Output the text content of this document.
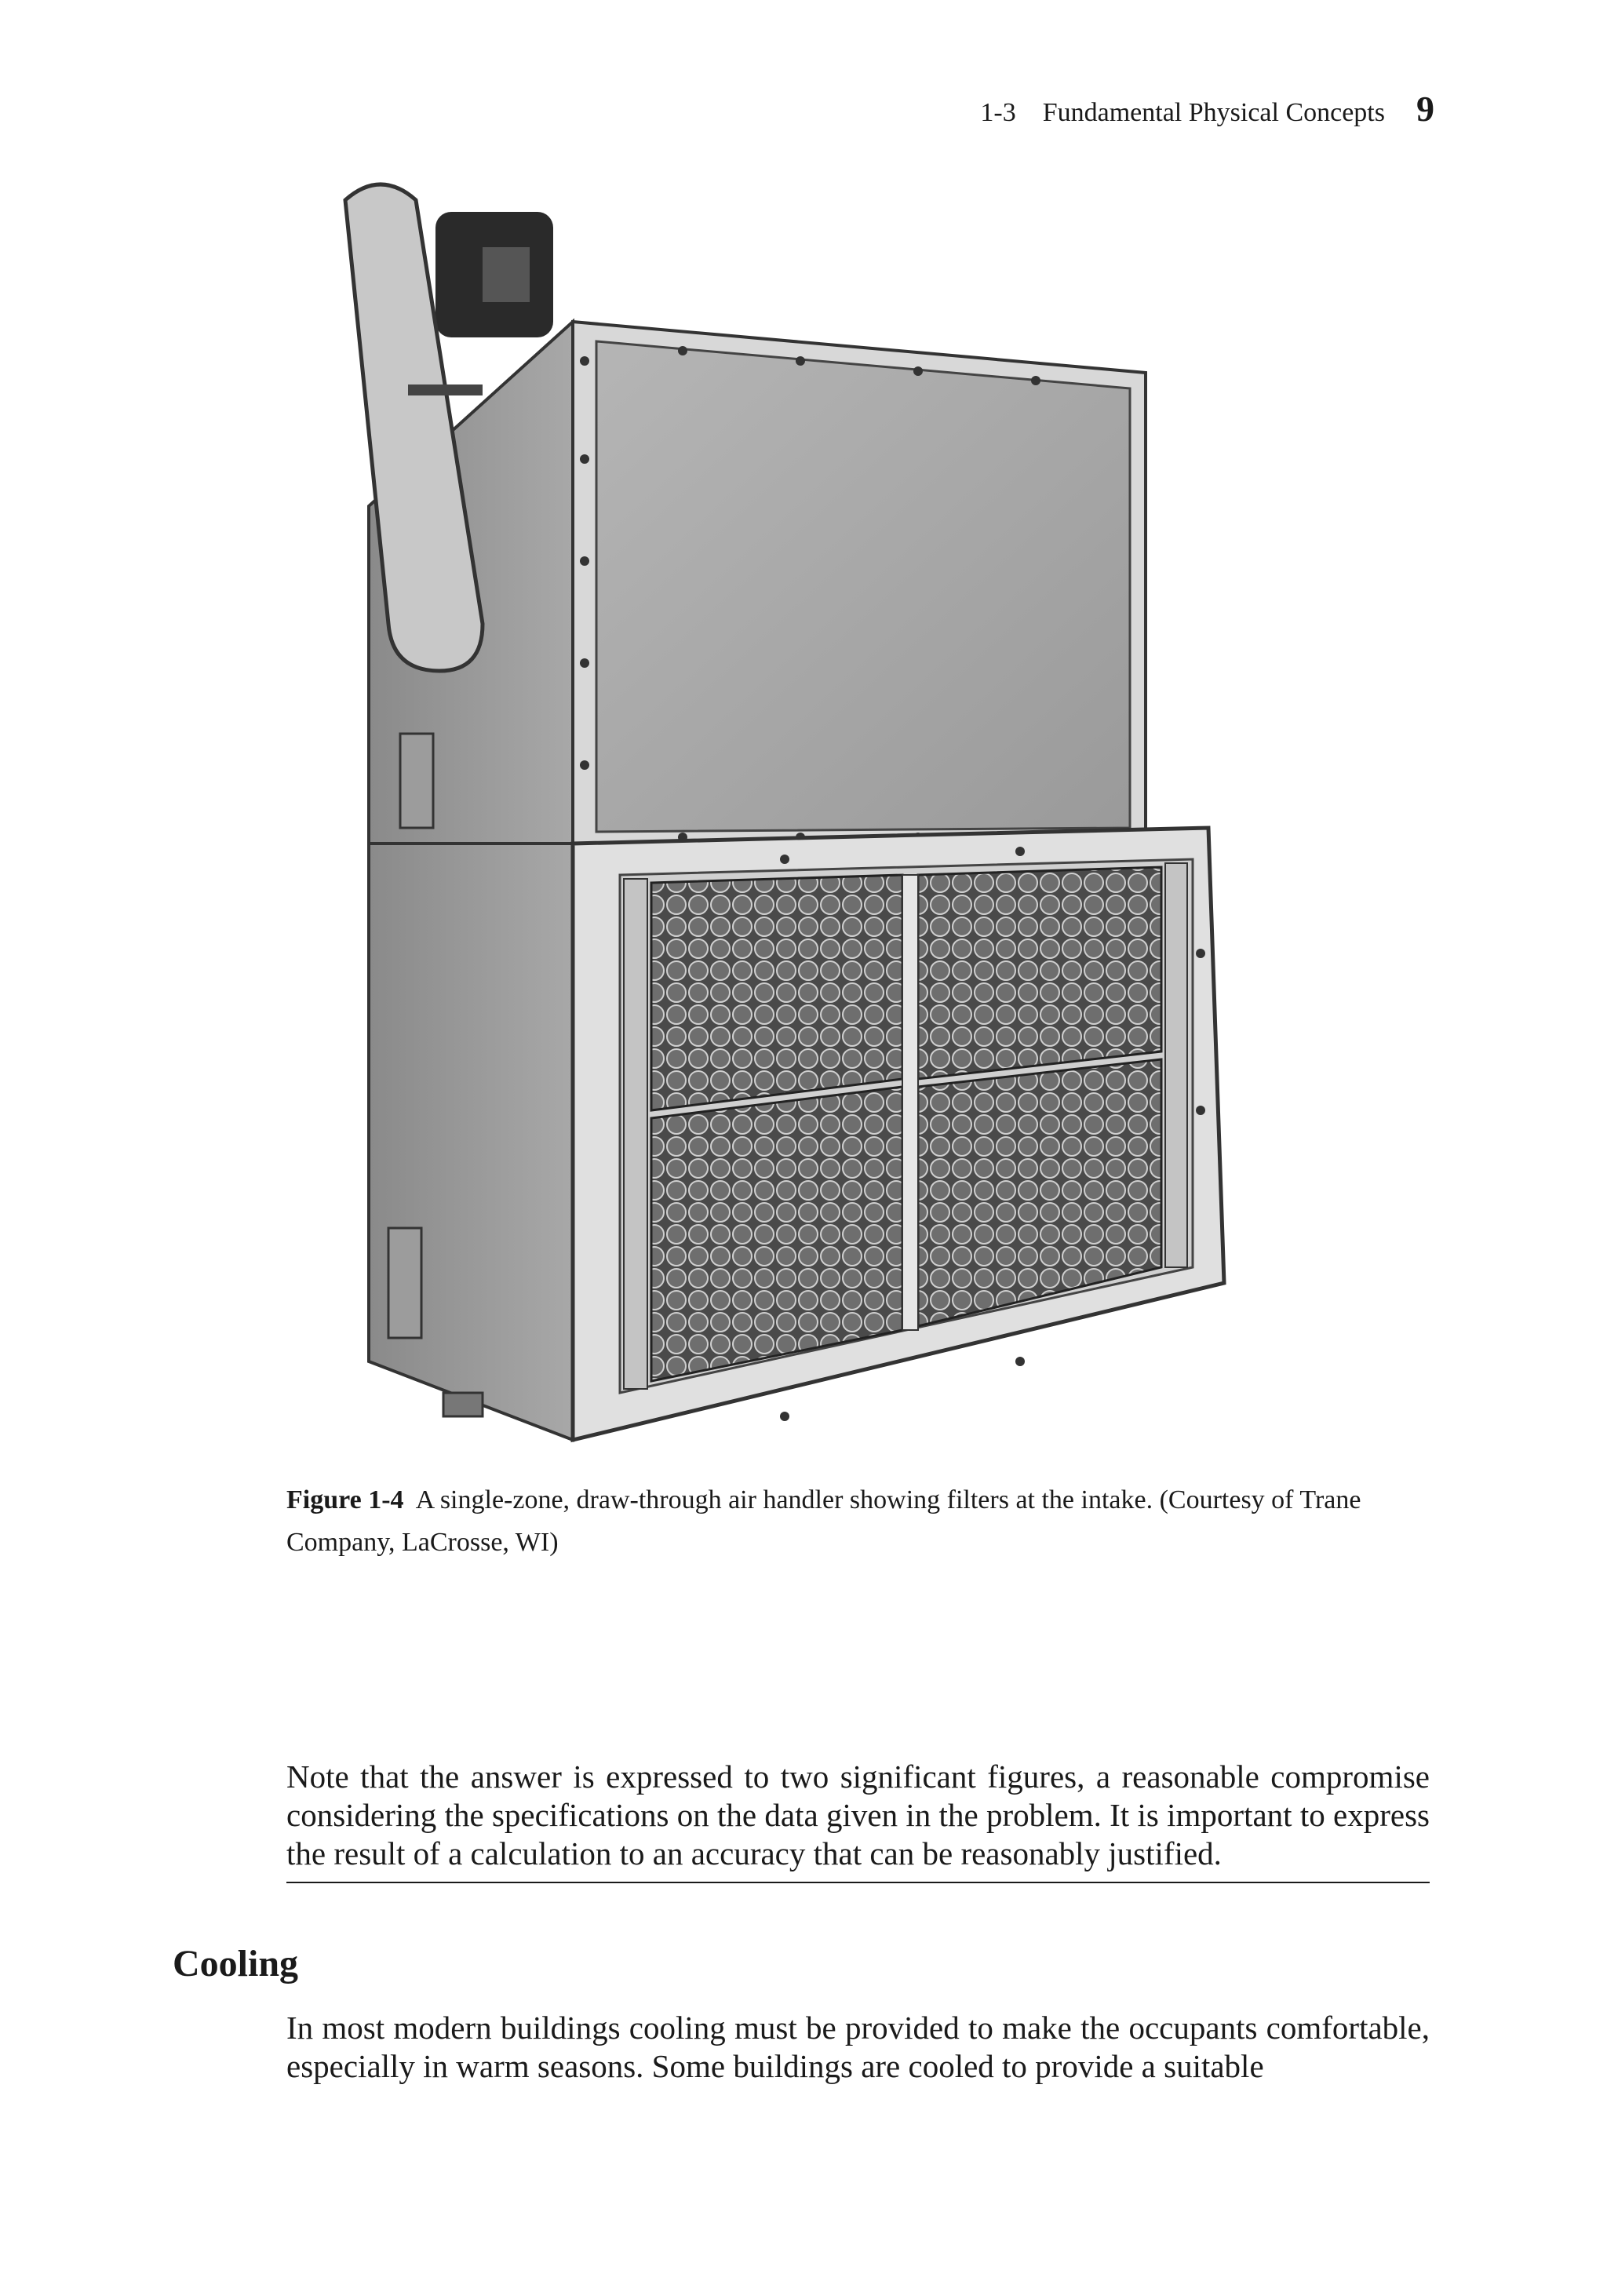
1-3    Fundamental Physical Concepts 9
Figure 1-4 A single-zone, draw-through air handler showing filters at the intake. (Courtesy of Trane Company, LaCrosse, WI)

Note that the answer is expressed to two significant figures, a reasonable compromise considering the specifications on the data given in the problem. It is important to express the result of a calculation to an accuracy that can be reasonably justified.

Cooling

In most modern buildings cooling must be provided to make the occupants comfortable, especially in warm seasons. Some buildings are cooled to provide a suitable
